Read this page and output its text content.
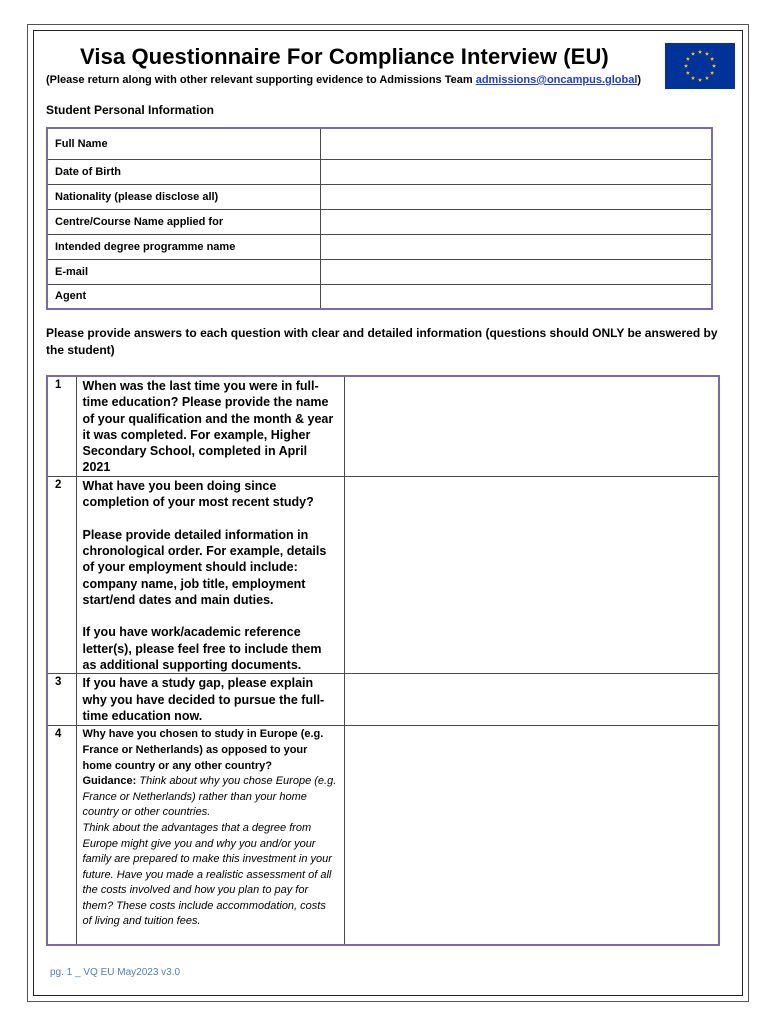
Visa Questionnaire For Compliance Interview (EU)
(Please return along with other relevant supporting evidence to Admissions Team admissions@oncampus.global)
Student Personal Information
Full Name	
Date of Birth	
Nationality (please disclose all)	
Centre/Course Name applied for	
Intended degree programme name	
E-mail	
Agent	
Please provide answers to each question with clear and detailed information (questions should ONLY be answered by the student)
1	When was the last time you were in full-time education? Please provide the name of your qualification and the month & year it was completed. For example, Higher Secondary School, completed in April 2021	
2	What have you been doing since completion of your most recent study?

Please provide detailed information in chronological order. For example, details of your employment should include: company name, job title, employment start/end dates and main duties.

If you have work/academic reference letter(s), please feel free to include them as additional supporting documents.	

3	If you have a study gap, please explain why you have decided to pursue the full-time education now.	
4	Why have you chosen to study in Europe (e.g. France or Netherlands) as opposed to your home country or any other country?
Guidance: Think about why you chose Europe (e.g. France or Netherlands) rather than your home country or other countries.
Think about the advantages that a degree from Europe might give you and why you and/or your family are prepared to make this investment in your future. Have you made a realistic assessment of all the costs involved and how you plan to pay for them? These costs include accommodation, costs of living and tuition fees.	
pg. 1 _ VQ EU May2023 v3.0
